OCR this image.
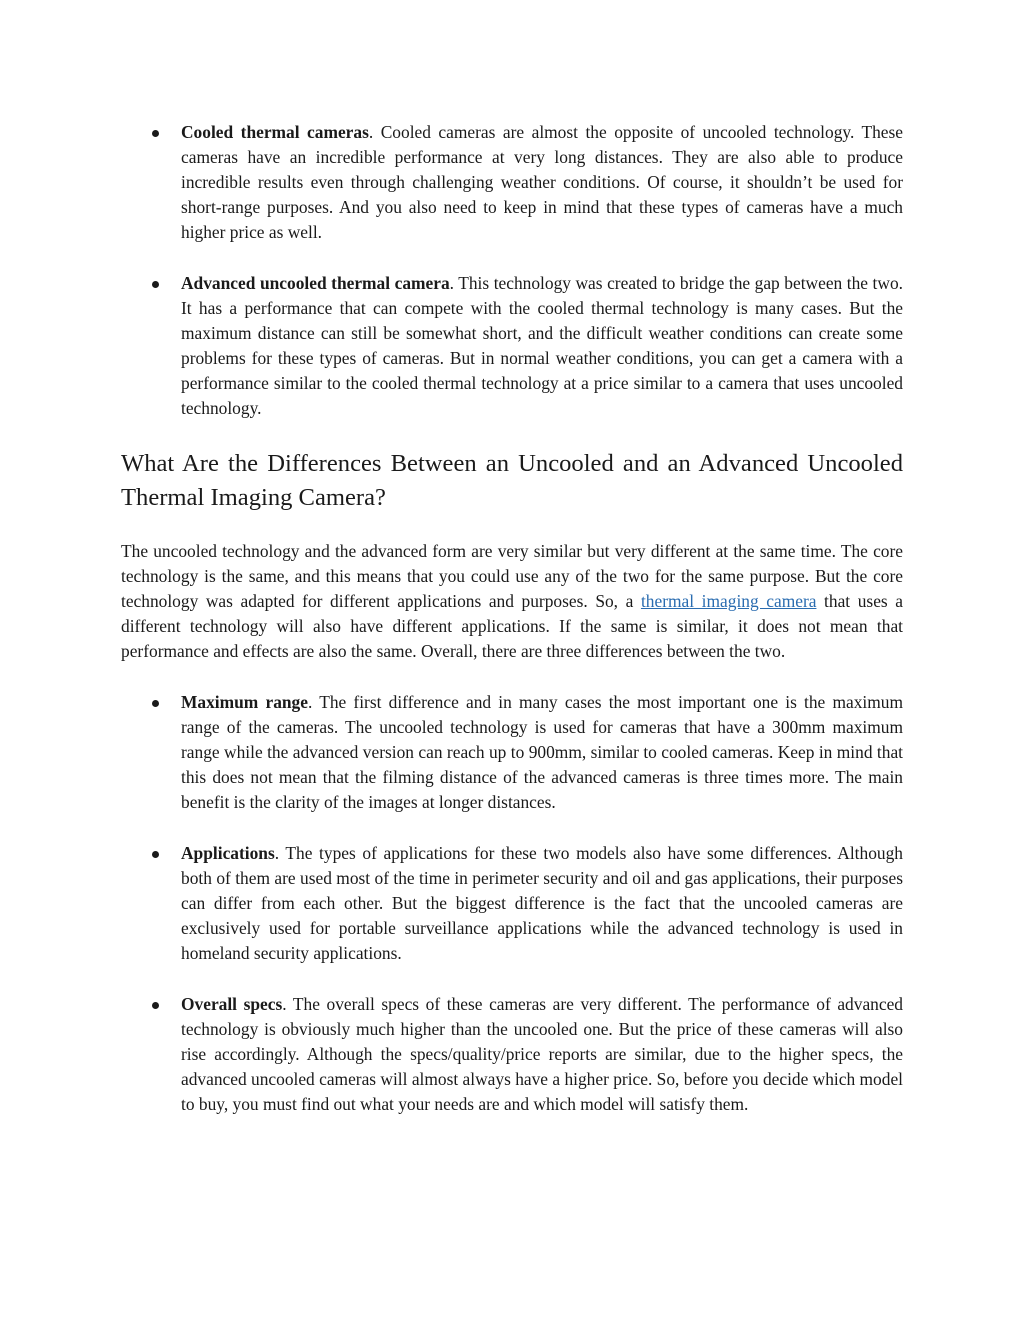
Cooled thermal cameras. Cooled cameras are almost the opposite of uncooled technology. These cameras have an incredible performance at very long distances. They are also able to produce incredible results even through challenging weather conditions. Of course, it shouldn’t be used for short-range purposes. And you also need to keep in mind that these types of cameras have a much higher price as well.
Advanced uncooled thermal camera. This technology was created to bridge the gap between the two. It has a performance that can compete with the cooled thermal technology is many cases. But the maximum distance can still be somewhat short, and the difficult weather conditions can create some problems for these types of cameras. But in normal weather conditions, you can get a camera with a performance similar to the cooled thermal technology at a price similar to a camera that uses uncooled technology.
What Are the Differences Between an Uncooled and an Advanced Uncooled Thermal Imaging Camera?

The uncooled technology and the advanced form are very similar but very different at the same time. The core technology is the same, and this means that you could use any of the two for the same purpose. But the core technology was adapted for different applications and purposes. So, a thermal imaging camera that uses a different technology will also have different applications. If the same is similar, it does not mean that performance and effects are also the same. Overall, there are three differences between the two.

Maximum range. The first difference and in many cases the most important one is the maximum range of the cameras. The uncooled technology is used for cameras that have a 300mm maximum range while the advanced version can reach up to 900mm, similar to cooled cameras. Keep in mind that this does not mean that the filming distance of the advanced cameras is three times more. The main benefit is the clarity of the images at longer distances.
Applications. The types of applications for these two models also have some differences. Although both of them are used most of the time in perimeter security and oil and gas applications, their purposes can differ from each other. But the biggest difference is the fact that the uncooled cameras are exclusively used for portable surveillance applications while the advanced technology is used in homeland security applications.
Overall specs. The overall specs of these cameras are very different. The performance of advanced technology is obviously much higher than the uncooled one. But the price of these cameras will also rise accordingly. Although the specs/quality/price reports are similar, due to the higher specs, the advanced uncooled cameras will almost always have a higher price. So, before you decide which model to buy, you must find out what your needs are and which model will satisfy them.
